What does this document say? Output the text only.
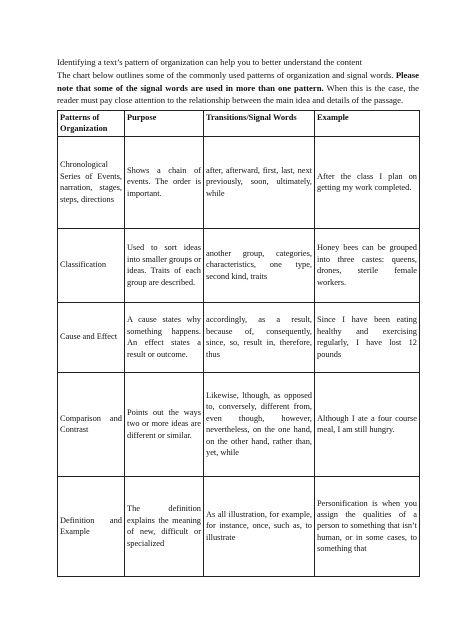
Identifying a text’s pattern of organization can help you to better understand the content

The chart below outlines some of the commonly used patterns of organization and signal words. Please note that some of the signal words are used in more than one pattern. When this is the case, the reader must pay close attention to the relationship between the main idea and details of the passage.

Patterns of Organization	Purpose	Transitions/Signal Words	Example
Chronological Series of Events, narration, stages, steps, directions	Shows a chain of events. The order is important.	after, afterward, first, last, next previously, soon, ultimately, while	After the class I plan on getting my work completed.
Classification	Used to sort ideas into smaller groups or ideas. Traits of each group are described.	another group, categories, characteristics, one type, second kind, traits	Honey bees can be grouped into three castes: queens, drones, sterile female workers.
Cause and Effect	A cause states why something happens. An effect states a result or outcome.	accordingly, as a result, because of, consequently, since, so, result in, therefore, thus	Since I have been eating healthy and exercising regularly, I have lost 12 pounds
Comparison and Contrast	Points out the ways two or more ideas are different or similar.	Likewise, lthough, as opposed to, conversely, different from, even though, however, nevertheless, on the one hand, on the other hand, rather than, yet, while	Although I ate a four course meal, I am still hungry.
Definition and Example	The definition explains the meaning of new, difficult or specialized	As all illustration, for example, for instance, once, such as, to illustrate	Personification is when you assign the qualities of a person to something that isn’t human, or in some cases, to something that
